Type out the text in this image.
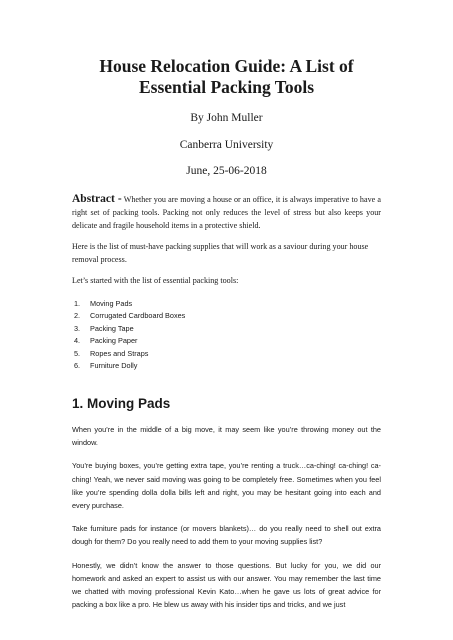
House Relocation Guide: A List of Essential Packing Tools

By John Muller

Canberra University

June, 25-06-2018

Abstract - Whether you are moving a house or an office, it is always imperative to have a right set of packing tools. Packing not only reduces the level of stress but also keeps your delicate and fragile household items in a protective shield.

Here is the list of must-have packing supplies that will work as a saviour during your house removal process.

Let’s started with the list of essential packing tools:

1.	Moving Pads
2.	Corrugated Cardboard Boxes
3.	Packing Tape
4.	Packing Paper
5.	Ropes and Straps
6.	Furniture Dolly
1. Moving Pads

When you’re in the middle of a big move, it may seem like you’re throwing money out the window.

You’re buying boxes, you’re getting extra tape, you’re renting a truck…ca-ching! ca-ching! ca-ching! Yeah, we never said moving was going to be completely free. Sometimes when you feel like you’re spending dolla dolla bills left and right, you may be hesitant going into each and every purchase.

Take furniture pads for instance (or movers blankets)… do you really need to shell out extra dough for them? Do you really need to add them to your moving supplies list?

Honestly, we didn’t know the answer to those questions. But lucky for you, we did our homework and asked an expert to assist us with our answer. You may remember the last time we chatted with moving professional Kevin Kato…when he gave us lots of great advice for packing a box like a pro. He blew us away with his insider tips and tricks, and we just
